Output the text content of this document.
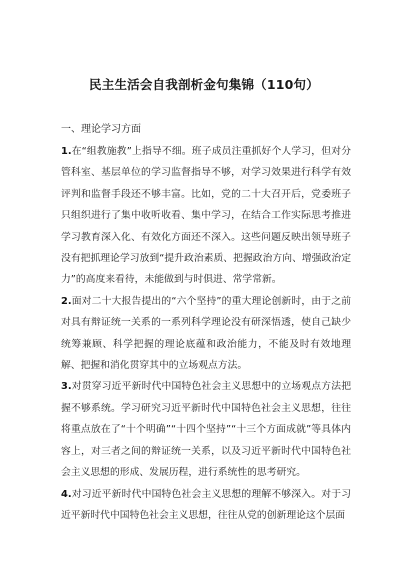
民主生活会自我剖析金句集锦（110句）
一、理论学习方面

1.在“组教施教”上指导不细。班子成员注重抓好个人学习，但对分管科室、基层单位的学习监督指导不够，对学习效果进行科学有效评判和监督手段还不够丰富。比如，党的二十大召开后，党委班子只组织进行了集中收听收看、集中学习，在结合工作实际思考推进学习教育深入化、有效化方面还不深入。这些问题反映出领导班子没有把抓理论学习放到“提升政治素质、把握政治方向、增强政治定力”的高度来看待，未能做到与时俱进、常学常新。

2.面对二十大报告提出的“六个坚持”的重大理论创新时，由于之前对具有辩证统一关系的一系列科学理论没有研深悟透，使自己缺少统筹兼顾、科学把握的理论底蕴和政治能力，不能及时有效地理解、把握和消化贯穿其中的立场观点方法。

3.对贯穿习近平新时代中国特色社会主义思想中的立场观点方法把握不够系统。学习研究习近平新时代中国特色社会主义思想，往往将重点放在了“十个明确”“十四个坚持”“十三个方面成就”等具体内容上，对三者之间的辩证统一关系，以及习近平新时代中国特色社会主义思想的形成、发展历程，进行系统性的思考研究。

4.对习近平新时代中国特色社会主义思想的理解不够深入。对于习近平新时代中国特色社会主义思想，往往从党的创新理论这个层面
